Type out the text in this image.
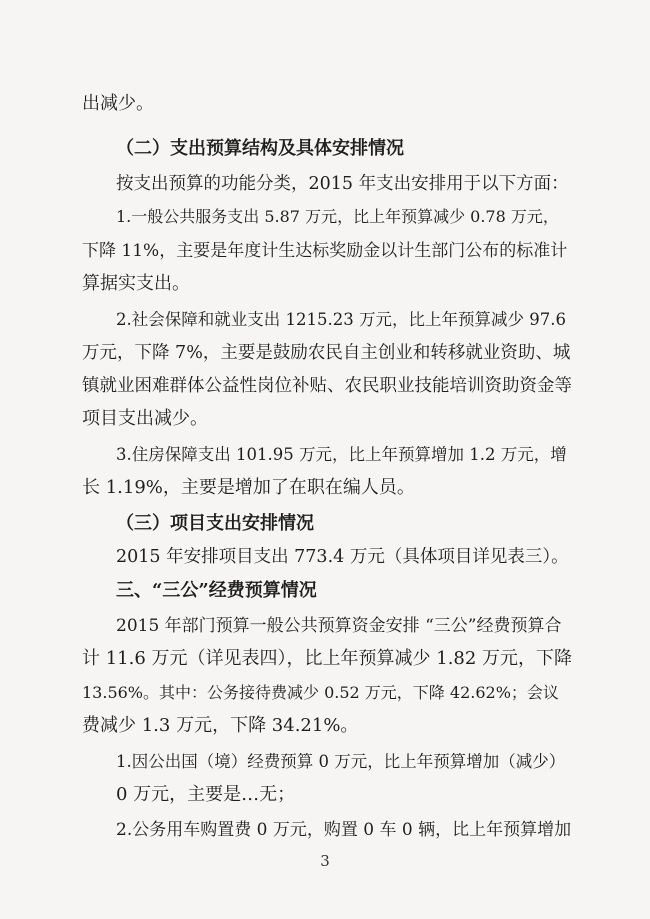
出减少。

（二）支出预算结构及具体安排情况

按支出预算的功能分类，2015 年支出安排用于以下方面：

1.一般公共服务支出 5.87 万元，比上年预算减少 0.78 万元，

下降 11%，主要是年度计生达标奖励金以计生部门公布的标准计

算据实支出。

2.社会保障和就业支出 1215.23 万元，比上年预算减少 97.6

万元，下降 7%，主要是鼓励农民自主创业和转移就业资助、城

镇就业困难群体公益性岗位补贴、农民职业技能培训资助资金等

项目支出减少。

3.住房保障支出 101.95 万元，比上年预算增加 1.2 万元，增

长 1.19%，主要是增加了在职在编人员。

（三）项目支出安排情况

2015 年安排项目支出 773.4 万元（具体项目详见表三）。

三、“三公”经费预算情况

2015 年部门预算一般公共预算资金安排 “三公”经费预算合

计 11.6 万元（详见表四），比上年预算减少 1.82 万元，下降

13.56%。其中：公务接待费减少 0.52 万元，下降 42.62%；会议

费减少 1.3 万元，下降 34.21%。

1.因公出国（境）经费预算 0 万元，比上年预算增加（减少）

0 万元，主要是…无；

2.公务用车购置费 0 万元，购置 0 车 0 辆，比上年预算增加

3
